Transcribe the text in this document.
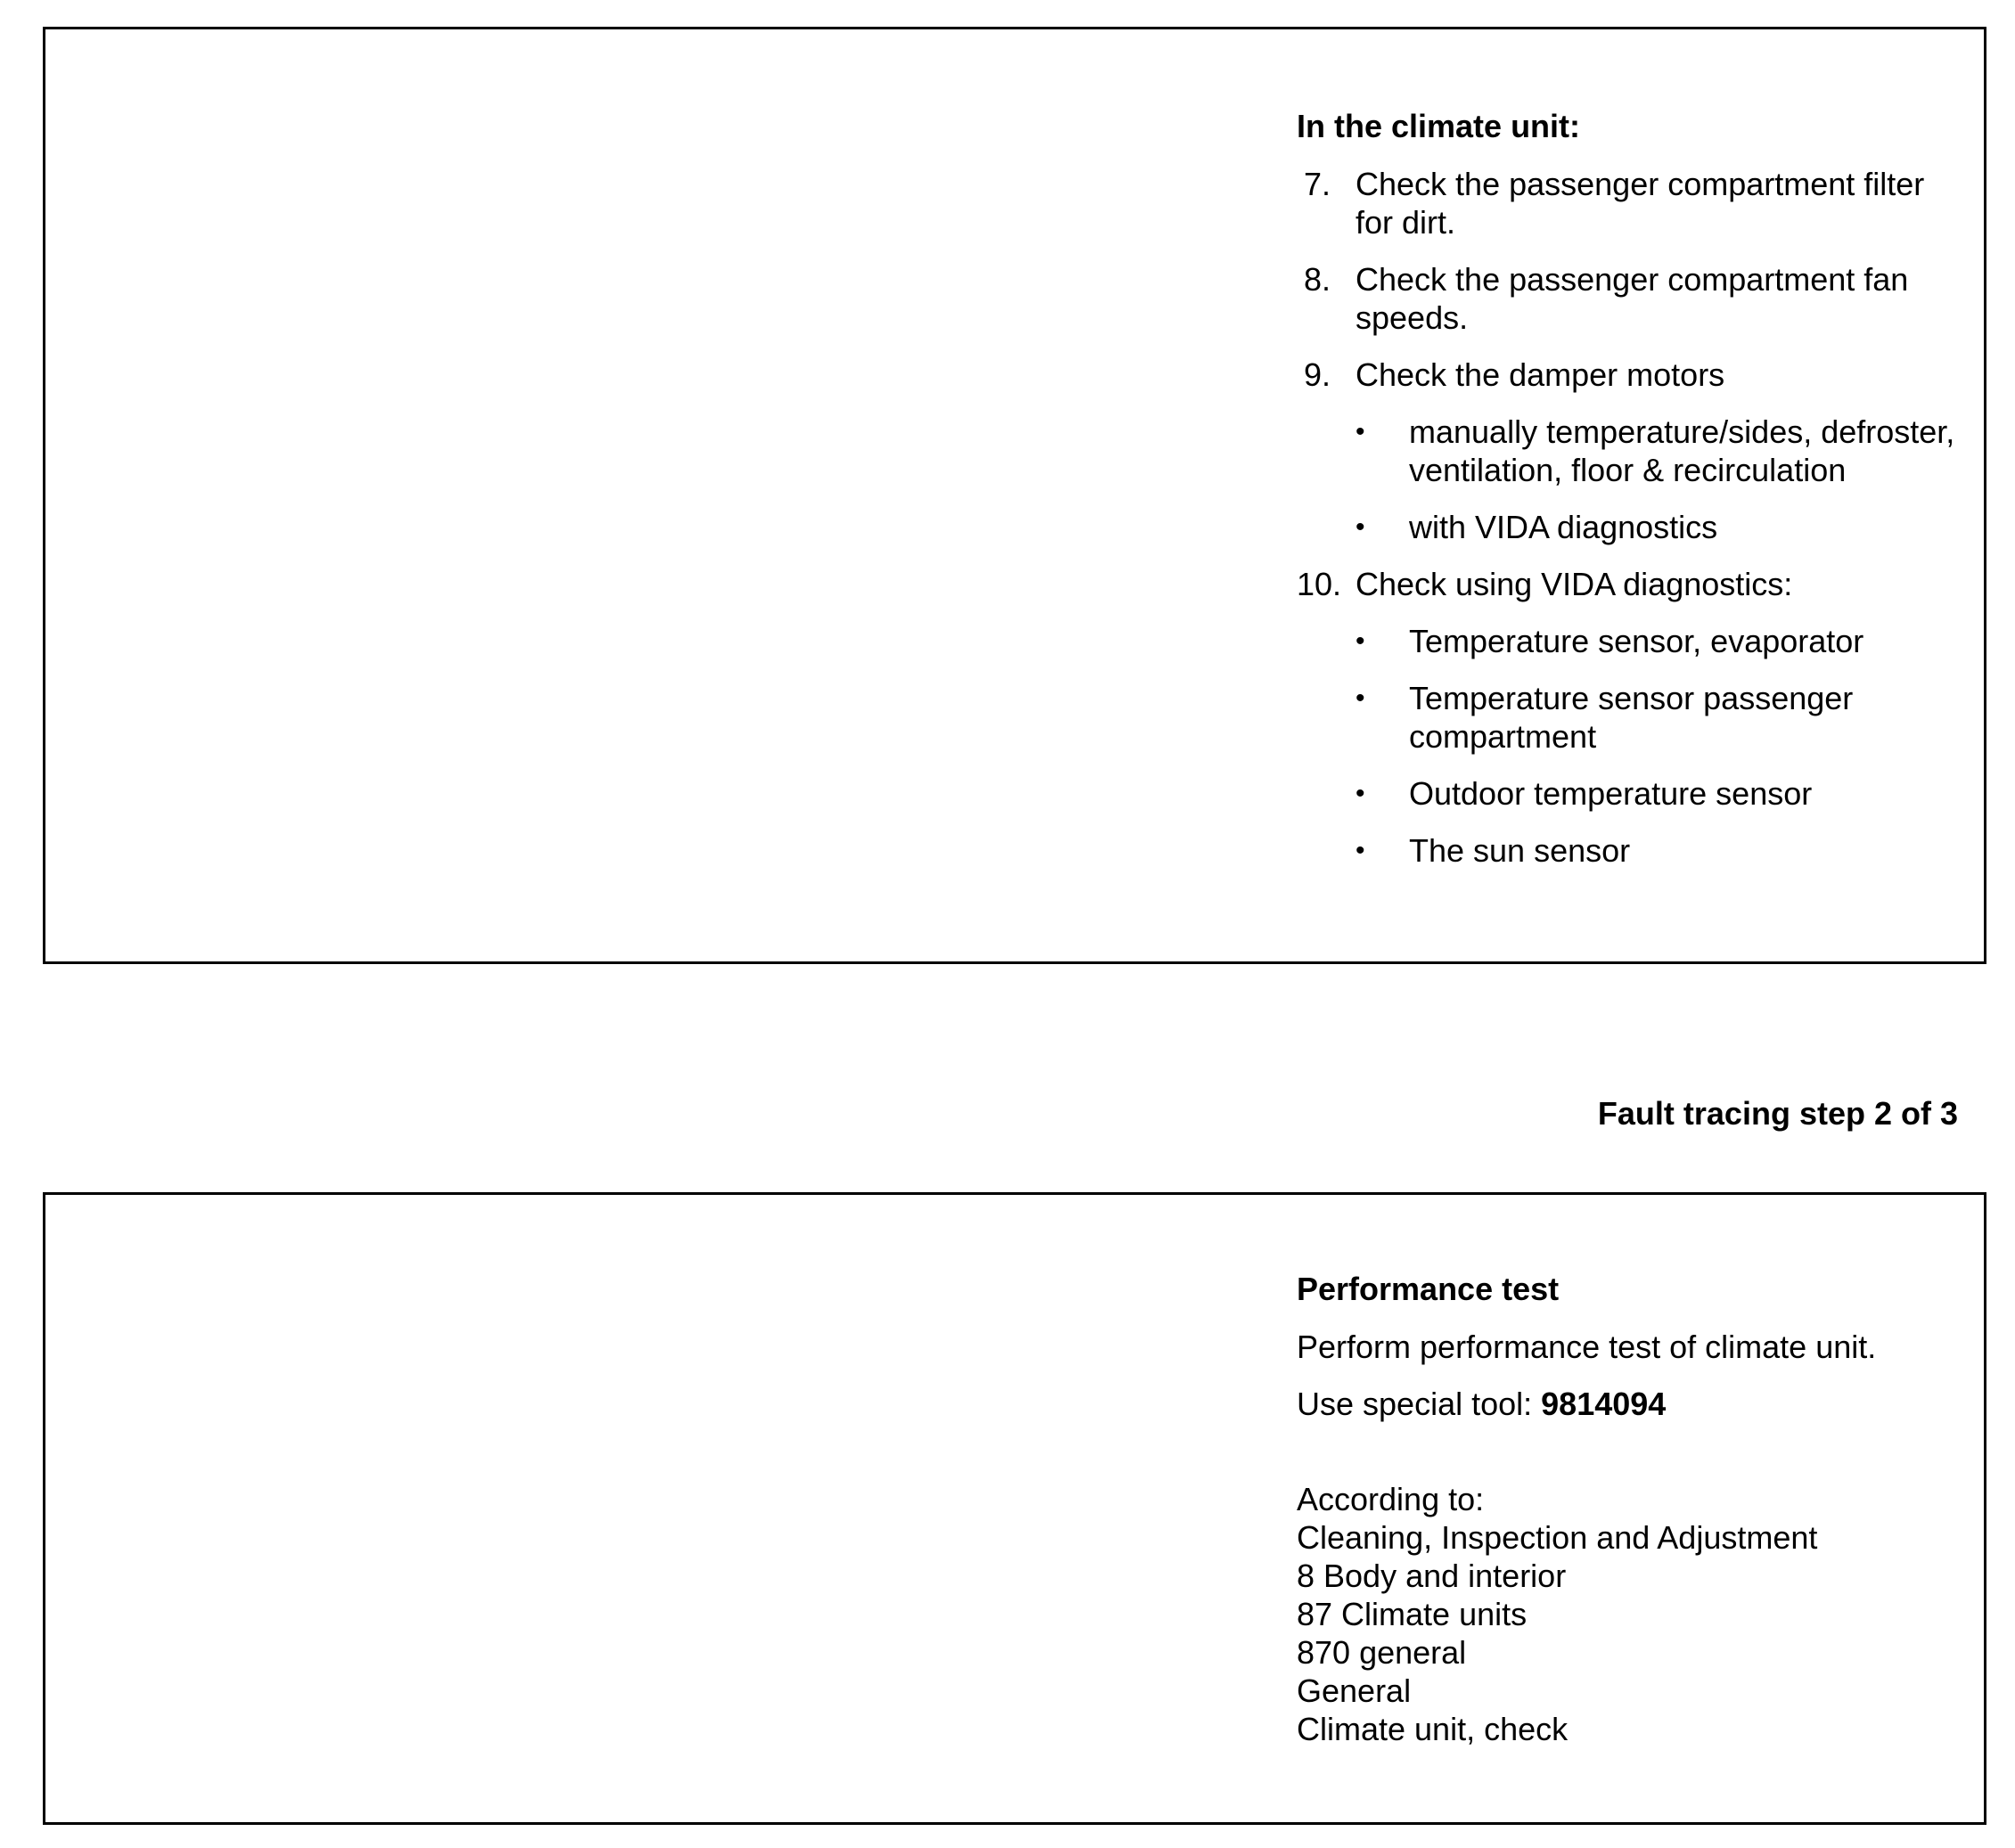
In the climate unit:
7. Check the passenger compartment filter for dirt.
8. Check the passenger compartment fan speeds.
9. Check the damper motors
•	manually temperature/sides, defroster, ventilation, floor & recirculation
•	with VIDA diagnostics
10. Check using VIDA diagnostics:
•	Temperature sensor, evaporator
•	Temperature sensor passenger compartment
•	Outdoor temperature sensor
•	The sun sensor
Fault tracing step 2 of 3
Performance test
Perform performance test of climate unit.
Use special tool: 9814094
According to:
Cleaning, Inspection and Adjustment
8 Body and interior
87 Climate units
870 general
General
Climate unit, check
